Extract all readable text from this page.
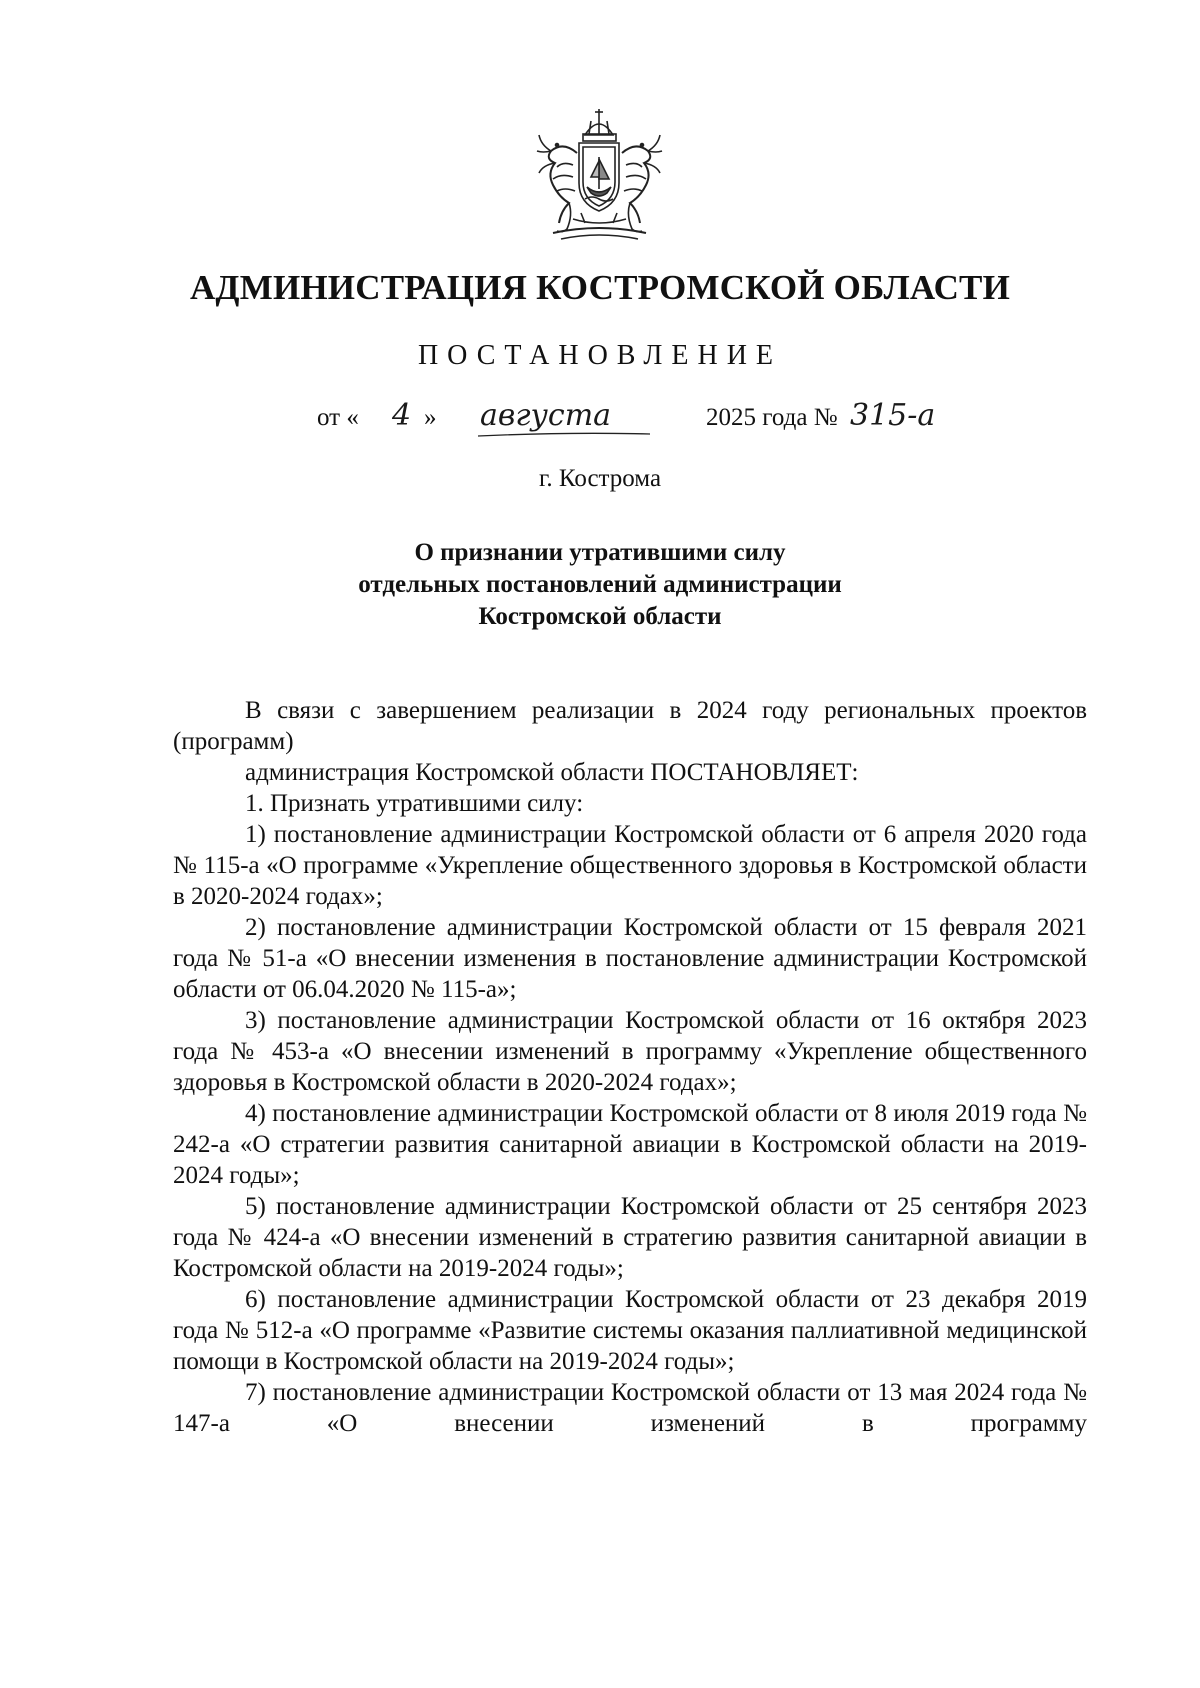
АДМИНИСТРАЦИЯ КОСТРОМСКОЙ ОБЛАСТИ
ПОСТАНОВЛЕНИЕ
от « 4 » августа	2025 года № 315-а
г. Кострома
О признании утратившими силу
отдельных постановлений администрации
Костромской области

В связи с завершением реализации в 2024 году региональных проектов (программ)

администрация Костромской области ПОСТАНОВЛЯЕТ:

1. Признать утратившими силу:

1) постановление администрации Костромской области от 6 апреля 2020 года № 115-а «О программе «Укрепление общественного здоровья в Костромской области в 2020-2024 годах»;

2) постановление администрации Костромской области от 15 февраля 2021 года № 51-а «О внесении изменения в постановление администрации Костромской области от 06.04.2020 № 115-а»;

3) постановление администрации Костромской области от 16 октября 2023 года № 453-а «О внесении изменений в программу «Укрепление общественного здоровья в Костромской области в 2020-2024 годах»;

4) постановление администрации Костромской области от 8 июля 2019 года № 242-а «О стратегии развития санитарной авиации в Костромской области на 2019-2024 годы»;

5) постановление администрации Костромской области от 25 сентября 2023 года № 424-а «О внесении изменений в стратегию развития санитарной авиации в Костромской области на 2019-2024 годы»;

6) постановление администрации Костромской области от 23 декабря 2019 года № 512-а «О программе «Развитие системы оказания паллиативной медицинской помощи в Костромской области на 2019-2024 годы»;

7) постановление администрации Костромской области от 13 мая 2024 года № 147-а «О внесении изменений в программу
